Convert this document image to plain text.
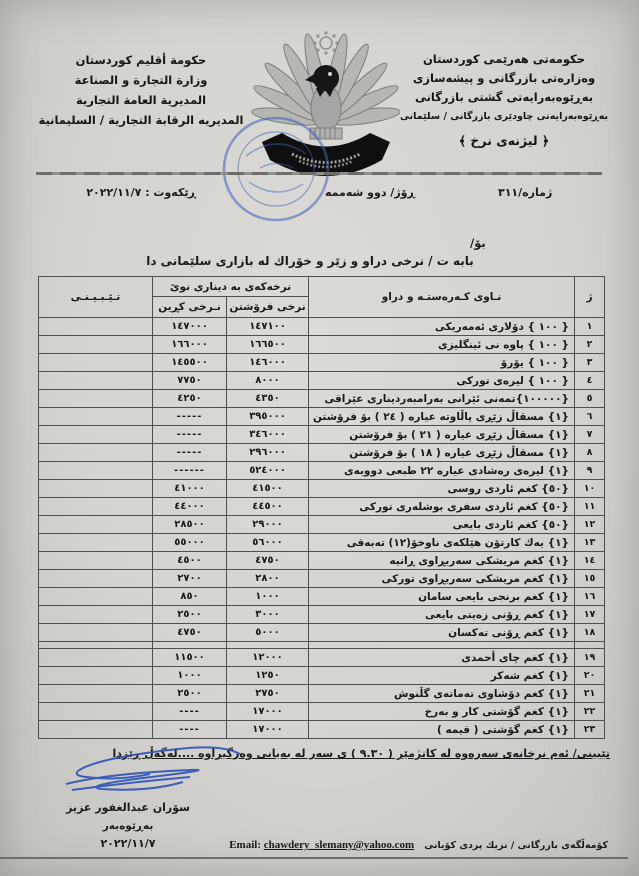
حكومة أقليم كوردستان
وزارة التجارة و الصناعة
المديرية العامة التجارية
المديريه الرقابة التجارية / السليمانية
حكومەتى هەرێمى كوردستان
وەزارەتى بازرگانى و پيشەسازى
بەڕێوەبەرايەتى گشتى بازرگانى
بەڕێوەبەرايەتى چاودێرى بازرگانى / سلێمانى
﴿ ليژنەى نرخ ﴾
ژماره/٣١١
ڕۆژ/ دوو شەممە
ڕێكەوت : ٢٠٢٢/١١/٧
بۆ/
بابه ت / نرخى دراو و زێر و خۆراك له بازارى سلێمانى دا
ژ	نـاوى كـەرەستـە و دراو	نرخەكەى به دينارى نوێ		تـێـبـيـنـى
		نرخى فرۆشتن	نـرخى كڕين	
١	{ ١٠٠ } دۆلارى ئەمەريكى	١٤٧١٠٠	١٤٧٠٠٠	
٢	{ ١٠٠ } پاوە نى ئينگليزى	١٦٦٥٠٠	١٦٦٠٠٠	
٣	{ ١٠٠ } يۆرۆ	١٤٦٠٠٠	١٤٥٥٠٠	
٤	{ ١٠٠ } ليرەى توركى	٨٠٠٠	٧٧٥٠	
٥	{١٠٠٠٠٠}تمەنى ئێرانى بەرامبەردينارى عێراقى	٤٣٥٠	٤٢٥٠	
٦	{١} مسقاڵ زێڕى پاڵاوتە عيارە ( ٢٤ ) بۆ فرۆشتن	٣٩٥٠٠٠	-----	
٧	{١} مسقاڵ زێڕى عيارە ( ٢١ ) بۆ فرۆشتن	٣٤٦٠٠٠	-----	
٨	{١} مسقاڵ زێڕى عيارە ( ١٨ ) بۆ فرۆشتن	٢٩٦٠٠٠	-----	
٩	{١} ليرەى رەشادى عيارە ٢٢ طبعى دووبەى	٥٢٤٠٠٠	------	
١٠	{٥٠} كغم ئاردى روسى	٤١٥٠٠	٤١٠٠٠	
١١	{٥٠} كغم ئاردى سفرى بوشلەرى توركى	٤٤٥٠٠	٤٤٠٠٠	
١٢	{٥٠} كغم ئاردى بايعى	٢٩٠٠٠	٢٨٥٠٠	
١٣	{١} يەك كارتۆن هێلكەى ناوخۆ(١٢) تەبەقى	٥٦٠٠٠	٥٥٠٠٠	
١٤	{١} كغم مريشكى سەربڕاوى ڕانيە	٤٧٥٠	٤٥٠٠	
١٥	{١} كغم مريشكى سەربڕاوى توركى	٢٨٠٠	٢٧٠٠	
١٦	{١} كغم برنجى بايعى سامان	١٠٠٠	٨٥٠	
١٧	{١} كغم ڕۆنى زەيتى بايعى	٣٠٠٠	٢٥٠٠	
١٨	{١} كغم ڕۆنى تەكسان	٥٠٠٠	٤٧٥٠	

١٩	{١} كغم چاى أحمدى	١٢٠٠٠	١١٥٠٠	
٢٠	{١} كغم شەكر	١٢٥٠	١٠٠٠	
٢١	{١} كغم دۆشاوى تەماتەى گڵنوش	٢٧٥٠	٢٥٠٠	
٢٢	{١} كغم گۆشتى كار و بەرخ	١٧٠٠٠	----	
٢٣	{١} كغم گۆشتى ( قيمە )	١٧٠٠٠	----	
تێبينى/ ئەم نرخانەى سەرەوە لە كاتژمێر ( ٩.٣٠ ) ى سەر لە بەيانى وەرگيراوە ....لەگەڵ ڕێزدا
سۆران عبدالغفور عزيز
بەڕێوەبەر
٢٠٢٢/١١/٧	Email: chawdery_slemany@yahoo.com كۆمەڵگەى بازرگانى / نزيك پردى كۆيانى
